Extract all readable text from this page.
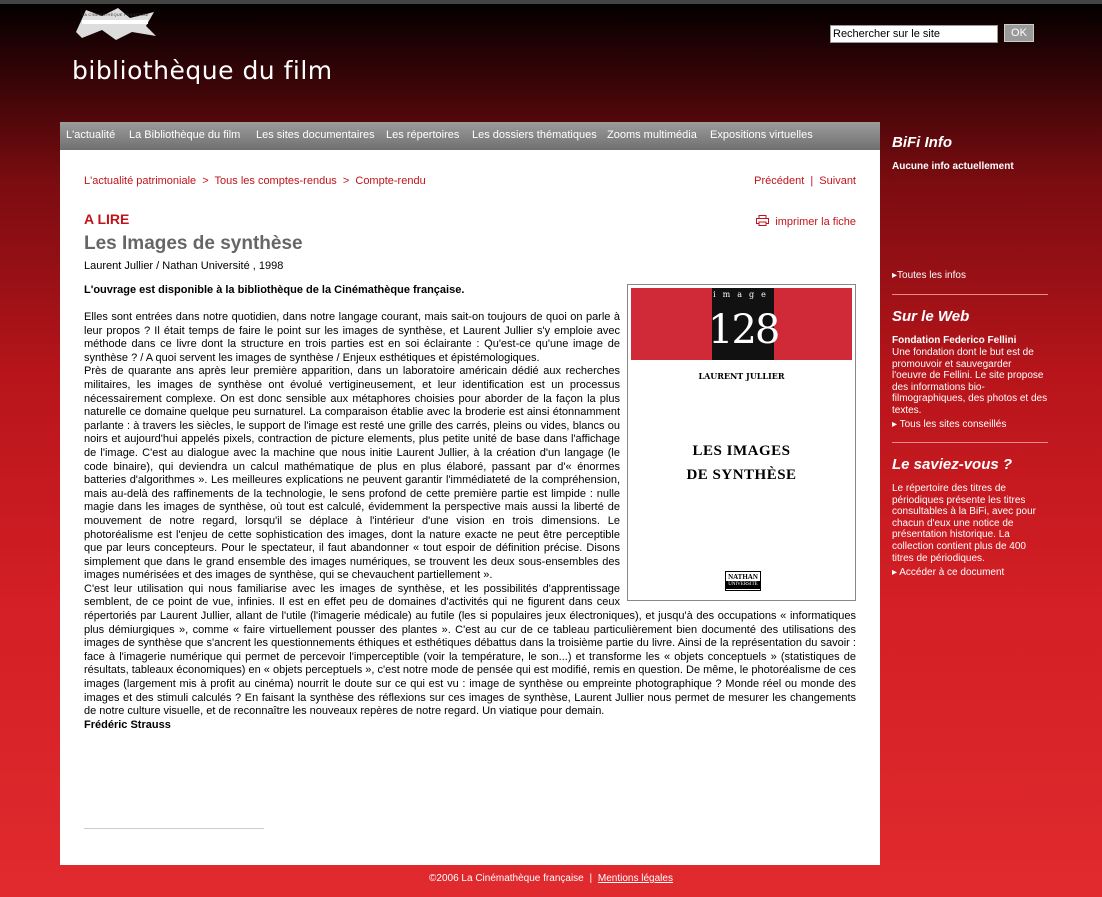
LA CINÉMATHÈQUE FRANÇAISE
bibliothèque du film
Rechercher sur le site
OK
L'actualité La Bibliothèque du film Les sites documentaires Les répertoires Les dossiers thématiques Zooms multimédia Expositions virtuelles
L'actualité patrimoniale > Tous les comptes-rendus > Compte-rendu	Précédent | Suivant
A LIRE	imprimer la fiche
Les Images de synthèse
Laurent Jullier / Nathan Université , 1998
L'ouvrage est disponible à la bibliothèque de la Cinémathèque française.	image
128
LAURENT JULLIER
LES IMAGES
DE SYNTHÈSE
NATHAN
UNIVERSITÉ

Elles sont entrées dans notre quotidien, dans notre langage courant, mais sait-on toujours de quoi on parle à leur propos ? Il était temps de faire le point sur les images de synthèse, et Laurent Jullier s'y emploie avec méthode dans ce livre dont la structure en trois parties est en soi éclairante : Qu'est-ce qu'une image de synthèse ? / A quoi servent les images de synthèse / Enjeux esthétiques et épistémologiques.

Près de quarante ans après leur première apparition, dans un laboratoire américain dédié aux recherches militaires, les images de synthèse ont évolué vertigineusement, et leur identification est un processus nécessairement complexe. On est donc sensible aux métaphores choisies pour aborder de la façon la plus naturelle ce domaine quelque peu surnaturel. La comparaison établie avec la broderie est ainsi étonnamment parlante : à travers les siècles, le support de l'image est resté une grille des carrés, pleins ou vides, blancs ou noirs et aujourd'hui appelés pixels, contraction de picture elements, plus petite unité de base dans l'affichage de l'image. C'est au dialogue avec la machine que nous initie Laurent Jullier, à la création d'un langage (le code binaire), qui deviendra un calcul mathématique de plus en plus élaboré, passant par d'« énormes batteries d'algorithmes ». Les meilleures explications ne peuvent garantir l'immédiateté de la compréhension, mais au-delà des raffinements de la technologie, le sens profond de cette première partie est limpide : nulle magie dans les images de synthèse, où tout est calculé, évidemment la perspective mais aussi la liberté de mouvement de notre regard, lorsqu'il se déplace à l'intérieur d'une vision en trois dimensions. Le photoréalisme est l'enjeu de cette sophistication des images, dont la nature exacte ne peut être perceptible que par leurs concepteurs. Pour le spectateur, il faut abandonner « tout espoir de définition précise. Disons simplement que dans le grand ensemble des images numériques, se trouvent les deux sous-ensembles des images numérisées et des images de synthèse, qui se chevauchent partiellement ».

C'est leur utilisation qui nous familiarise avec les images de synthèse, et les possibilités d'apprentissage semblent, de ce point de vue, infinies. Il est en effet peu de domaines d'activités qui ne figurent dans ceux répertoriés par Laurent Jullier, allant de l'utile (l'imagerie médicale) au futile (les si populaires jeux électroniques), et jusqu'à des occupations « informatiques plus démiurgiques », comme « faire virtuellement pousser des plantes ». C'est au cur de ce tableau particulièrement bien documenté des utilisations des images de synthèse que s'ancrent les questionnements éthiques et esthétiques débattus dans la troisième partie du livre. Ainsi de la représentation du savoir : face à l'imagerie numérique qui permet de percevoir l'imperceptible (voir la température, le son...) et transforme les « objets conceptuels » (statistiques de résultats, tableaux économiques) en « objets perceptuels », c'est notre mode de pensée qui est modifié, remis en question. De même, le photoréalisme de ces images (largement mis à profit au cinéma) nourrit le doute sur ce qui est vu : image de synthèse ou empreinte photographique ? Monde réel ou monde des images et des stimuli calculés ? En faisant la synthèse des réflexions sur ces images de synthèse, Laurent Jullier nous permet de mesurer les changements de notre culture visuelle, et de reconnaître les nouveaux repères de notre regard. Un viatique pour demain.

Frédéric Strauss

BiFi Info
Aucune info actuellement
▸Toutes les infos
Sur le Web
Fondation Federico Fellini
Une fondation dont le but est de promouvoir et sauvegarder l'oeuvre de Fellini. Le site propose des informations bio-filmographiques, des photos et des textes.
▸ Tous les sites conseillés
Le saviez-vous ?
Le répertoire des titres de périodiques présente les titres consultables à la BiFi, avec pour chacun d'eux une notice de présentation historique. La collection contient plus de 400 titres de périodiques.
▸ Accéder à ce document
©2006 La Cinémathèque française | Mentions légales
